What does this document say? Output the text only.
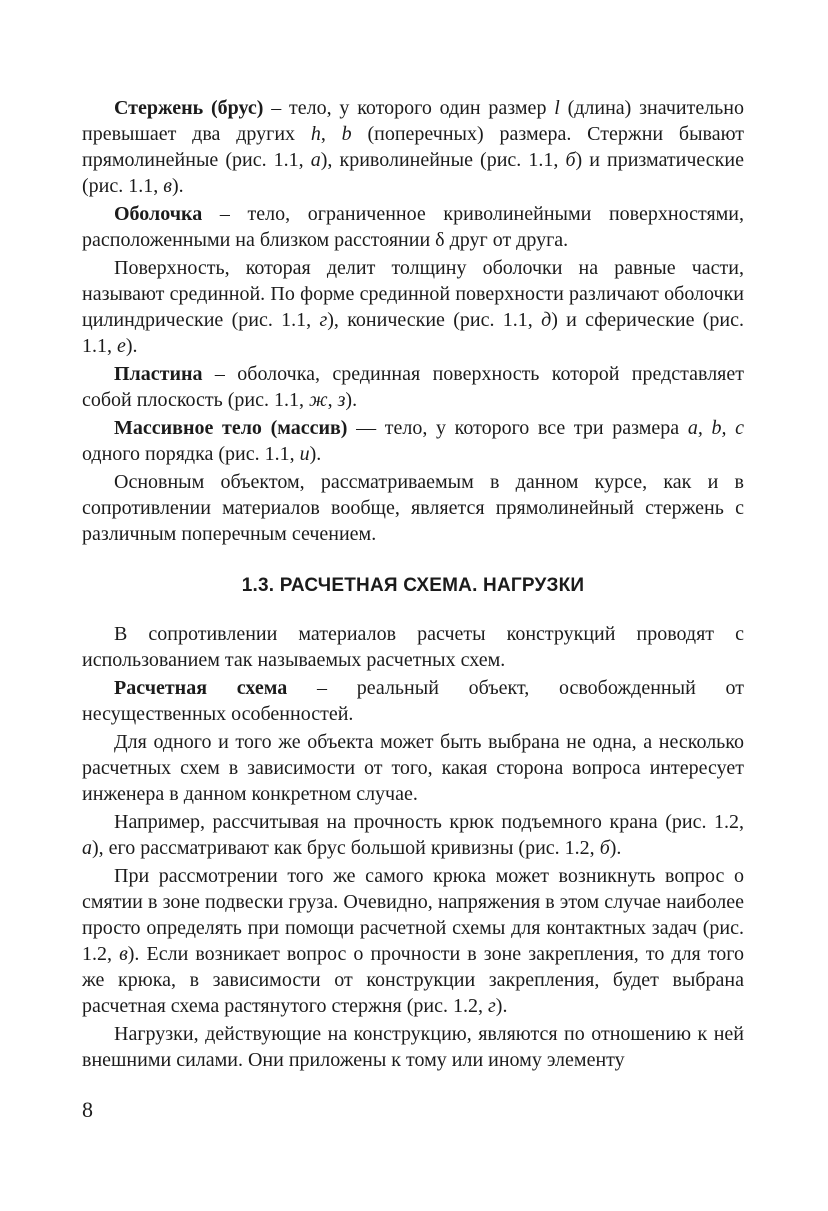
Стержень (брус) – тело, у которого один размер l (длина) значительно превышает два других h, b (поперечных) размера. Стержни бывают прямолинейные (рис. 1.1, а), криволинейные (рис. 1.1, б) и призматические (рис. 1.1, в).

Оболочка – тело, ограниченное криволинейными поверхностями, расположенными на близком расстоянии δ друг от друга.

Поверхность, которая делит толщину оболочки на равные части, называют срединной. По форме срединной поверхности различают оболочки цилиндрические (рис. 1.1, г), конические (рис. 1.1, д) и сферические (рис. 1.1, е).

Пластина – оболочка, срединная поверхность которой представляет собой плоскость (рис. 1.1, ж, з).

Массивное тело (массив) — тело, у которого все три размера a, b, c одного порядка (рис. 1.1, и).

Основным объектом, рассматриваемым в данном курсе, как и в сопротивлении материалов вообще, является прямолинейный стержень с различным поперечным сечением.

1.3. РАСЧЕТНАЯ СХЕМА. НАГРУЗКИ

В сопротивлении материалов расчеты конструкций проводят с использованием так называемых расчетных схем.

Расчетная схема – реальный объект, освобожденный от несущественных особенностей.

Для одного и того же объекта может быть выбрана не одна, а несколько расчетных схем в зависимости от того, какая сторона вопроса интересует инженера в данном конкретном случае.

Например, рассчитывая на прочность крюк подъемного крана (рис. 1.2, а), его рассматривают как брус большой кривизны (рис. 1.2, б).

При рассмотрении того же самого крюка может возникнуть вопрос о смятии в зоне подвески груза. Очевидно, напряжения в этом случае наиболее просто определять при помощи расчетной схемы для контактных задач (рис. 1.2, в). Если возникает вопрос о прочности в зоне закрепления, то для того же крюка, в зависимости от конструкции закрепления, будет выбрана расчетная схема растянутого стержня (рис. 1.2, г).

Нагрузки, действующие на конструкцию, являются по отношению к ней внешними силами. Они приложены к тому или иному элементу

8
